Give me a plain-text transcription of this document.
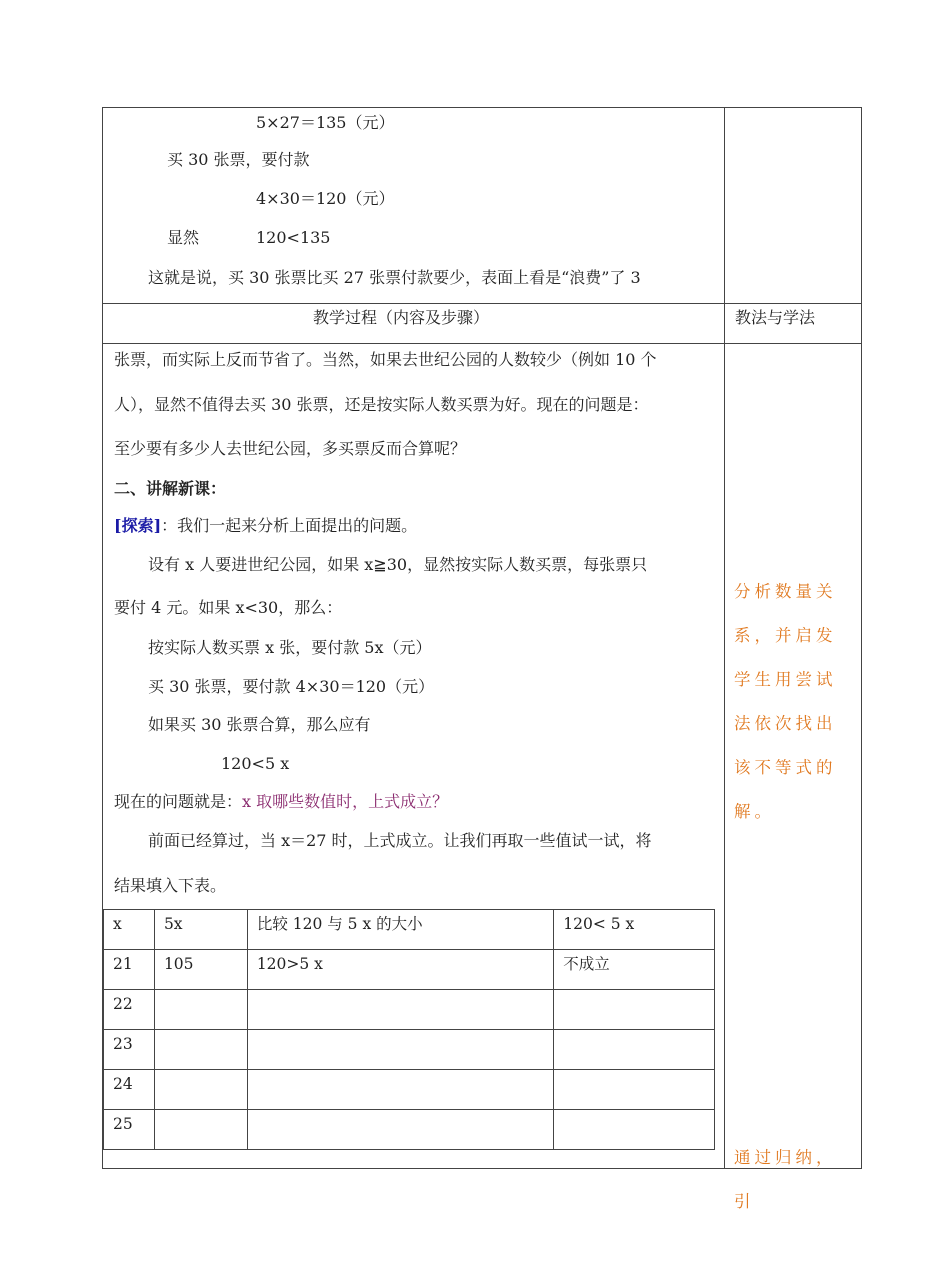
5×27＝135（元）
买 30 张票，要付款
4×30＝120（元）
显然	120<135
这就是说，买 30 张票比买 27 张票付款要少，表面上看是“浪费”了 3
教学过程（内容及步骤）	教法与学法
张票，而实际上反而节省了。当然，如果去世纪公园的人数较少（例如 10 个
人），显然不值得去买 30 张票，还是按实际人数买票为好。现在的问题是：
至少要有多少人去世纪公园，多买票反而合算呢？
二、讲解新课：
[探索]：我们一起来分析上面提出的问题。
设有 x 人要进世纪公园，如果 x≧30，显然按实际人数买票，每张票只
要付 4 元。如果 x<30，那么：
按实际人数买票 x 张，要付款 5x（元）
买 30 张票，要付款 4×30＝120（元）
如果买 30 张票合算，那么应有
120<5 x
现在的问题就是：x 取哪些数值时，上式成立？
前面已经算过，当 x＝27 时，上式成立。让我们再取一些值试一试，将
结果填入下表。
x	5x	比较 120 与 5 x 的大小	120< 5 x
21	105	120>5 x	不成立
22			
23			
24			
25			
分析数量关系，并启发学生用尝试法依次找出该不等式的解。
通过归纳，引
